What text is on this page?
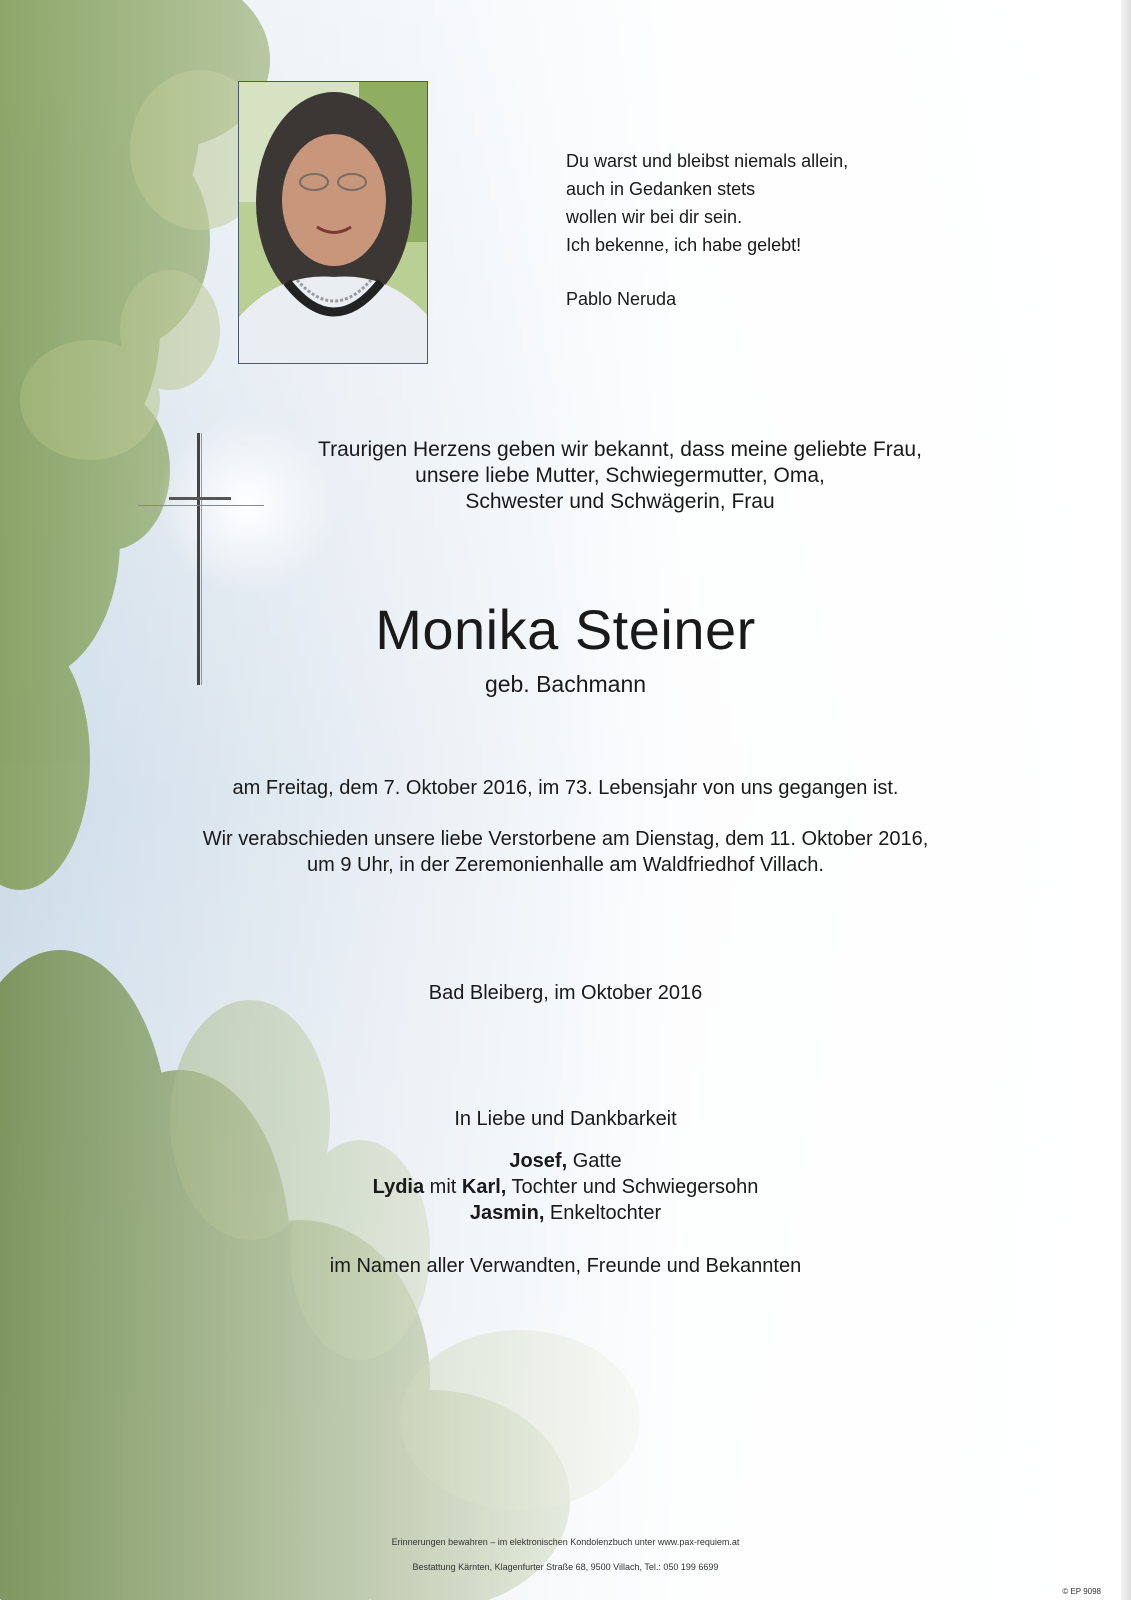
Du warst und bleibst niemals allein,
auch in Gedanken stets
wollen wir bei dir sein.
Ich bekenne, ich habe gelebt!
Pablo Neruda
Traurigen Herzens geben wir bekannt, dass meine geliebte Frau,
unsere liebe Mutter, Schwiegermutter, Oma,
Schwester und Schwägerin, Frau
Monika Steiner
geb. Bachmann
am Freitag, dem 7. Oktober 2016, im 73. Lebensjahr von uns gegangen ist.
Wir verabschieden unsere liebe Verstorbene am Dienstag, dem 11. Oktober 2016,
um 9 Uhr, in der Zeremonienhalle am Waldfriedhof Villach.
Bad Bleiberg, im Oktober 2016
In Liebe und Dankbarkeit
Josef, Gatte
Lydia mit Karl, Tochter und Schwiegersohn
Jasmin, Enkeltochter
im Namen aller Verwandten, Freunde und Bekannten
Erinnerungen bewahren – im elektronischen Kondolenzbuch unter www.pax-requiem.at
Bestattung Kärnten, Klagenfurter Straße 68, 9500 Villach, Tel.: 050 199 6699
© EP 9098
